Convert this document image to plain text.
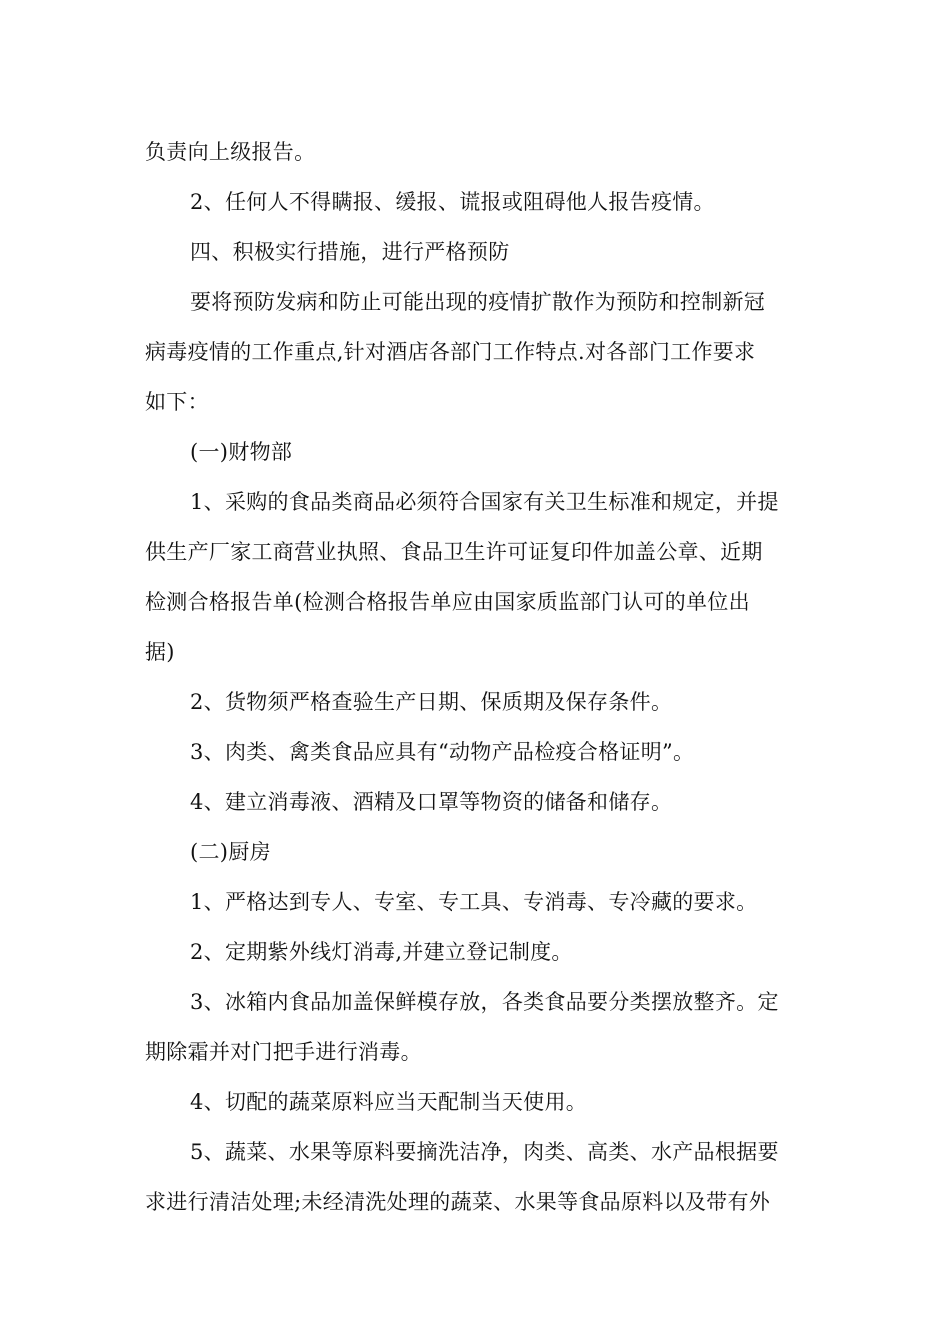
负责向上级报告。
2、任何人不得瞒报、缓报、谎报或阻碍他人报告疫情。
四、积极实行措施，进行严格预防
要将预防发病和防止可能出现的疫情扩散作为预防和控制新冠
病毒疫情的工作重点,针对酒店各部门工作特点.对各部门工作要求
如下：
(一)财物部
1、采购的食品类商品必须符合国家有关卫生标准和规定，并提
供生产厂家工商营业执照、食品卫生许可证复印件加盖公章、近期
检测合格报告单(检测合格报告单应由国家质监部门认可的单位出
据)
2、货物须严格查验生产日期、保质期及保存条件。
3、肉类、禽类食品应具有“动物产品检疫合格证明”。
4、建立消毒液、酒精及口罩等物资的储备和储存。
(二)厨房
1、严格达到专人、专室、专工具、专消毒、专冷藏的要求。
2、定期紫外线灯消毒,并建立登记制度。
3、冰箱内食品加盖保鲜模存放，各类食品要分类摆放整齐。定
期除霜并对门把手进行消毒。
4、切配的蔬菜原料应当天配制当天使用。
5、蔬菜、水果等原料要摘洗洁净，肉类、高类、水产品根据要
求进行清洁处理;未经清洗处理的蔬菜、水果等食品原料以及带有外
